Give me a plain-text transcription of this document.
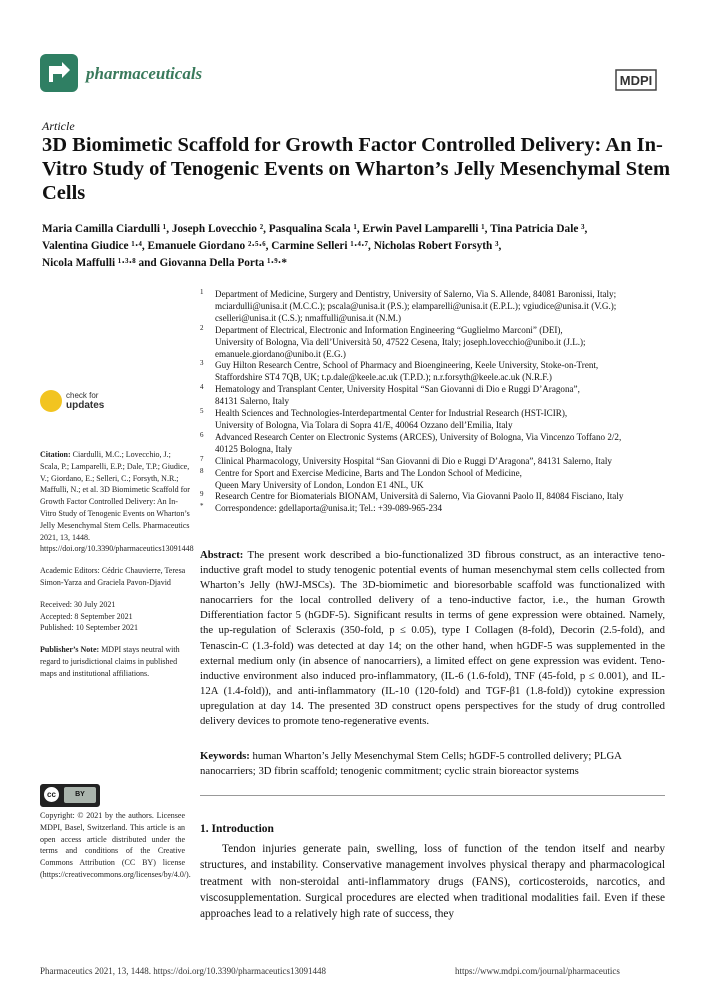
pharmaceuticals	MDPI
Article
3D Biomimetic Scaffold for Growth Factor Controlled Delivery: An In-Vitro Study of Tenogenic Events on Wharton’s Jelly Mesenchymal Stem Cells
Maria Camilla Ciardulli ¹, Joseph Lovecchio ², Pasqualina Scala ¹, Erwin Pavel Lamparelli ¹, Tina Patricia Dale ³,
Valentina Giudice ¹·⁴, Emanuele Giordano ²·⁵·⁶, Carmine Selleri ¹·⁴·⁷, Nicholas Robert Forsyth ³,
Nicola Maffulli ¹·³·⁸ and Giovanna Della Porta ¹·⁹·*

1 Department of Medicine, Surgery and Dentistry, University of Salerno, Via S. Allende, 84081 Baronissi, Italy;
mciardulli@unisa.it (M.C.C.); pscala@unisa.it (P.S.); elamparelli@unisa.it (E.P.L.); vgiudice@unisa.it (V.G.);
cselleri@unisa.it (C.S.); nmaffulli@unisa.it (N.M.)

2 Department of Electrical, Electronic and Information Engineering “Guglielmo Marconi” (DEI),
University of Bologna, Via dell’Università 50, 47522 Cesena, Italy; joseph.lovecchio@unibo.it (J.L.);
emanuele.giordano@unibo.it (E.G.)

3 Guy Hilton Research Centre, School of Pharmacy and Bioengineering, Keele University, Stoke-on-Trent,
Staffordshire ST4 7QB, UK; t.p.dale@keele.ac.uk (T.P.D.); n.r.forsyth@keele.ac.uk (N.R.F.)

4 Hematology and Transplant Center, University Hospital “San Giovanni di Dio e Ruggi D’Aragona”,
84131 Salerno, Italy

5 Health Sciences and Technologies-Interdepartmental Center for Industrial Research (HST-ICIR),
University of Bologna, Via Tolara di Sopra 41/E, 40064 Ozzano dell’Emilia, Italy

6 Advanced Research Center on Electronic Systems (ARCES), University of Bologna, Via Vincenzo Toffano 2/2,
40125 Bologna, Italy

7 Clinical Pharmacology, University Hospital “San Giovanni di Dio e Ruggi D’Aragona”, 84131 Salerno, Italy

8 Centre for Sport and Exercise Medicine, Barts and The London School of Medicine,
Queen Mary University of London, London E1 4NL, UK

9 Research Centre for Biomaterials BIONAM, Università di Salerno, Via Giovanni Paolo II, 84084 Fisciano, Italy

* Correspondence: gdellaporta@unisa.it; Tel.: +39-089-965-234

check for
updates

Citation: Ciardulli, M.C.; Lovecchio, J.; Scala, P.; Lamparelli, E.P.; Dale, T.P.; Giudice, V.; Giordano, E.; Selleri, C.; Forsyth, N.R.; Maffulli, N.; et al. 3D Biomimetic Scaffold for Growth Factor Controlled Delivery: An In-Vitro Study of Tenogenic Events on Wharton’s Jelly Mesenchymal Stem Cells. Pharmaceutics 2021, 13, 1448. https://doi.org/10.3390/pharmaceutics13091448

Academic Editors: Cédric Chauvierre, Teresa Simon-Yarza and Graciela Pavon-Djavid

Received: 30 July 2021

Accepted: 8 September 2021

Published: 10 September 2021

Publisher’s Note: MDPI stays neutral with regard to jurisdictional claims in published maps and institutional affiliations.

cc	BY

Copyright: © 2021 by the authors. Licensee MDPI, Basel, Switzerland. This article is an open access article distributed under the terms and conditions of the Creative Commons Attribution (CC BY) license (https://creativecommons.org/licenses/by/4.0/).

Abstract: The present work described a bio-functionalized 3D fibrous construct, as an interactive teno-inductive graft model to study tenogenic potential events of human mesenchymal stem cells collected from Wharton’s Jelly (hWJ-MSCs). The 3D-biomimetic and bioresorbable scaffold was functionalized with nanocarriers for the local controlled delivery of a teno-inductive factor, i.e., the human Growth Differentiation factor 5 (hGDF-5). Significant results in terms of gene expression were obtained. Namely, the up-regulation of Scleraxis (350-fold, p ≤ 0.05), type I Collagen (8-fold), Decorin (2.5-fold), and Tenascin-C (1.3-fold) was detected at day 14; on the other hand, when hGDF-5 was supplemented in the external medium only (in absence of nanocarriers), a limited effect on gene expression was evident. Teno-inductive environment also induced pro-inflammatory, (IL-6 (1.6-fold), TNF (45-fold, p ≤ 0.001), and IL-12A (1.4-fold)), and anti-inflammatory (IL-10 (120-fold) and TGF-β1 (1.8-fold)) cytokine expression upregulation at day 14. The presented 3D construct opens perspectives for the study of drug controlled delivery devices to promote teno-regenerative events.

Keywords: human Wharton’s Jelly Mesenchymal Stem Cells; hGDF-5 controlled delivery; PLGA nanocarriers; 3D fibrin scaffold; tenogenic commitment; cyclic strain bioreactor systems

1. Introduction

Tendon injuries generate pain, swelling, loss of function of the tendon itself and nearby structures, and instability. Conservative management involves physical therapy and pharmacological treatment with non-steroidal anti-inflammatory drugs (FANS), corticosteroids, narcotics, and viscosupplementation. Surgical procedures are elected when traditional modalities fail. Even if these approaches lead to a relatively high rate of success, they

Pharmaceutics 2021, 13, 1448. https://doi.org/10.3390/pharmaceutics13091448	https://www.mdpi.com/journal/pharmaceutics
